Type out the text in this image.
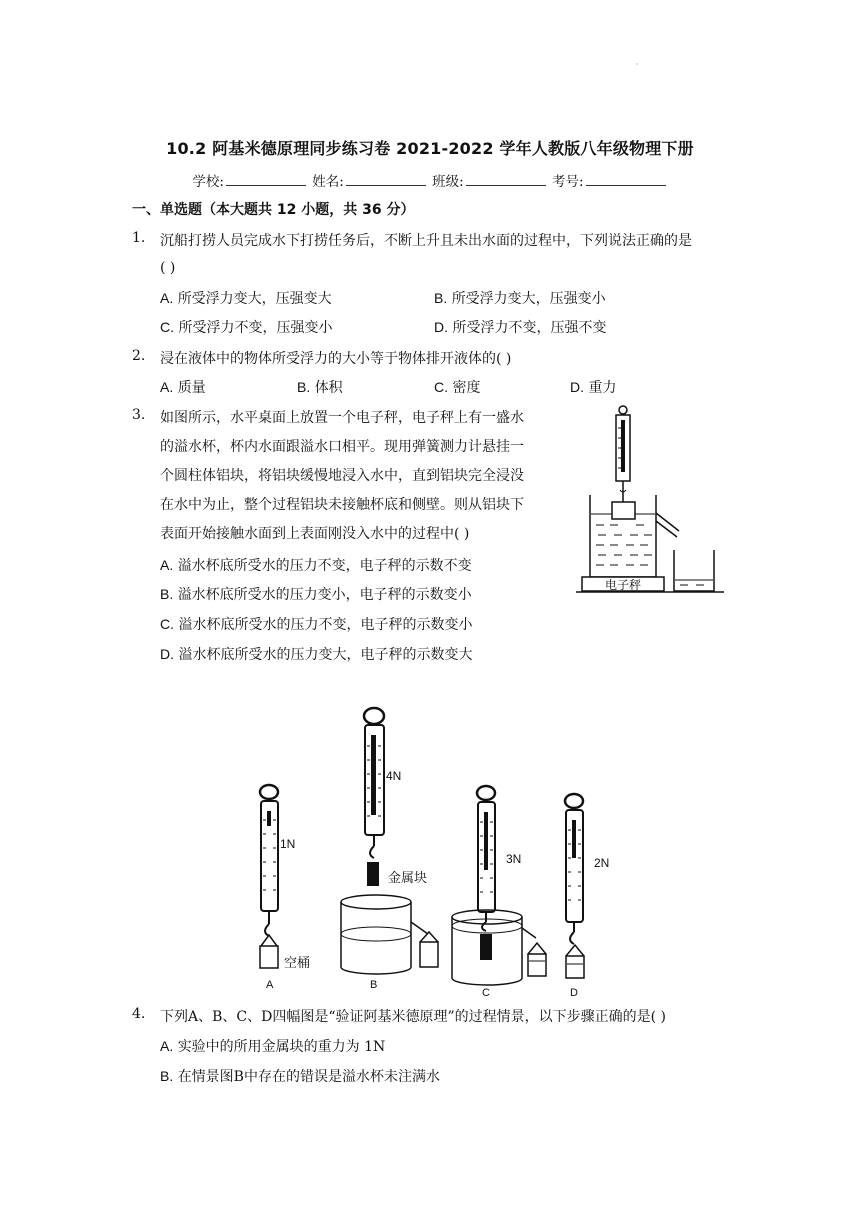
·
10.2 阿基米德原理同步练习卷 2021-2022 学年人教版八年级物理下册
学校:	姓名:	班级:	考号:
一、单选题（本大题共 12 小题，共 36 分）
1. 沉船打捞人员完成水下打捞任务后，不断上升且未出水面的过程中，下列说法正确的是
( )
A. 所受浮力变大，压强变大	B. 所受浮力变大，压强变小
C. 所受浮力不变，压强变小	D. 所受浮力不变，压强不变
2. 浸在液体中的物体所受浮力的大小等于物体排开液体的( )
A. 质量	B. 体积	C. 密度	D. 重力
3. 如图所示，水平桌面上放置一个电子秤，电子秤上有一盛水
的溢水杯，杯内水面跟溢水口相平。现用弹簧测力计悬挂一
个圆柱体铝块，将铝块缓慢地浸入水中，直到铝块完全浸没
在水中为止，整个过程铝块未接触杯底和侧壁。则从铝块下
表面开始接触水面到上表面刚没入水中的过程中( )
A. 溢水杯底所受水的压力不变，电子秤的示数不变
B. 溢水杯底所受水的压力变小，电子秤的示数变小
C. 溢水杯底所受水的压力不变，电子秤的示数变小
D. 溢水杯底所受水的压力变大，电子秤的示数变大
电子秤
1N
空桶
A
4N
金属块
B
3N
C
2N
D
4. 下列A、B、C、D四幅图是“验证阿基米德原理”的过程情景，以下步骤正确的是( )
A. 实验中的所用金属块的重力为 1N
B. 在情景图B中存在的错误是溢水杯未注满水
